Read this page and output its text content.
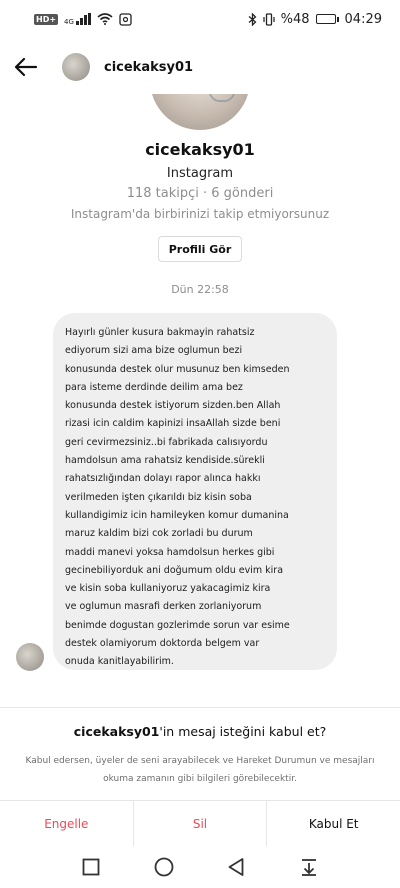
HD+ 4G	%48	04:29
cicekaksy01
cicekaksy01
Instagram
118 takipçi · 6 gönderi
Instagram'da birbirinizi takip etmiyorsunuz
Profili Gör
Dün 22:58
Hayırlı günler kusura bakmayin rahatsiz
ediyorum sizi ama bize oglumun bezi
konusunda destek olur musunuz ben kimseden
para isteme derdinde deilim ama bez
konusunda destek istiyorum sizden.ben Allah
rizasi icin caldim kapinizi insaAllah sizde beni
geri cevirmezsiniz..bi fabrikada calısıyordu
hamdolsun ama rahatsiz kendiside.sürekli
rahatsızlığından dolayı rapor alınca hakkı
verilmeden işten çıkarıldı biz kisin soba
kullandigimiz icin hamileyken komur dumanina
maruz kaldim bizi cok zorladi bu durum
maddi manevi yoksa hamdolsun herkes gibi
gecinebiliyorduk ani doğumum oldu evim kira
ve kisin soba kullaniyoruz yakacagimiz kira
ve oglumun masrafi derken zorlaniyorum
benimde dogustan gozlerimde sorun var esime
destek olamiyorum doktorda belgem var
onuda kanitlayabilirim.
cicekaksy01'in mesaj isteğini kabul et?
Kabul edersen, üyeler de seni arayabilecek ve Hareket Durumun ve mesajları okuma zamanın gibi bilgileri görebilecektir.
Engelle	Sil	Kabul Et
